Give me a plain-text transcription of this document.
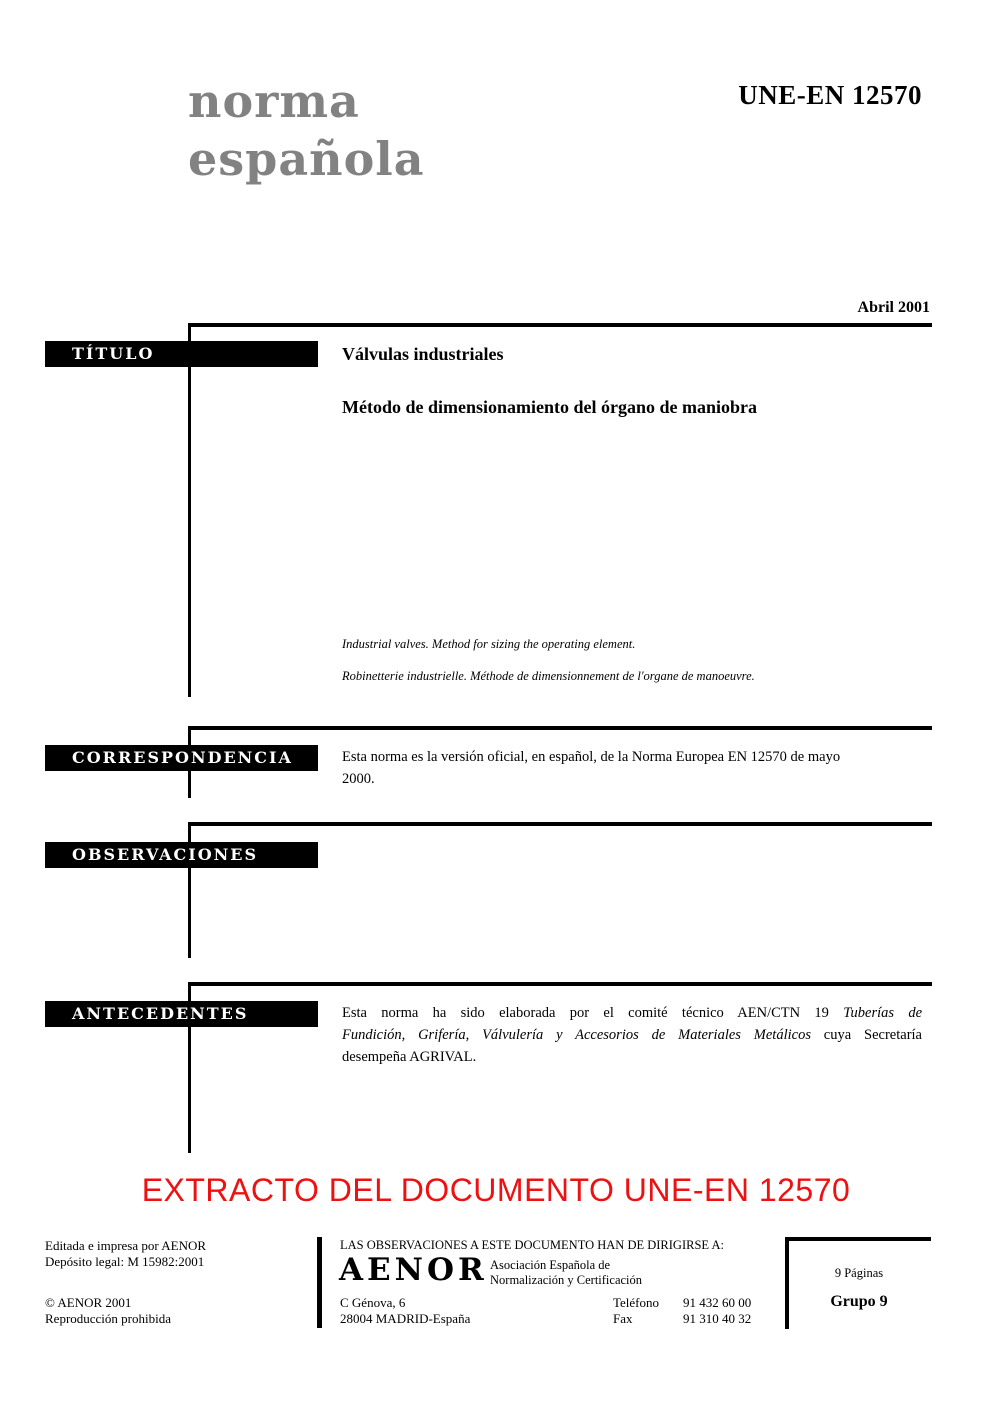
norma
española
UNE-EN 12570
Abril 2001
TÍTULO
CORRESPONDENCIA
OBSERVACIONES
ANTECEDENTES
Válvulas industriales
Método de dimensionamiento del órgano de maniobra
Industrial valves. Method for sizing the operating element.
Robinetterie industrielle. Méthode de dimensionnement de l'organe de manoeuvre.
Esta norma es la versión oficial, en español, de la Norma Europea EN 12570 de mayo
2000.
Esta norma ha sido elaborada por el comité técnico AEN/CTN 19 Tuberías de
Fundición, Grifería, Válvulería y Accesorios de Materiales Metálicos cuya Secretaría
desempeña AGRIVAL.
EXTRACTO DEL DOCUMENTO UNE-EN 12570
Editada e impresa por AENOR
Depósito legal: M 15982:2001
© AENOR 2001
Reproducción prohibida
LAS OBSERVACIONES A ESTE DOCUMENTO HAN DE DIRIGIRSE A:
AENOR Asociación Española de
Normalización y Certificación
C Génova, 6
28004 MADRID-España
Teléfono
Fax
91 432 60 00
91 310 40 32
9 Páginas
Grupo 9
